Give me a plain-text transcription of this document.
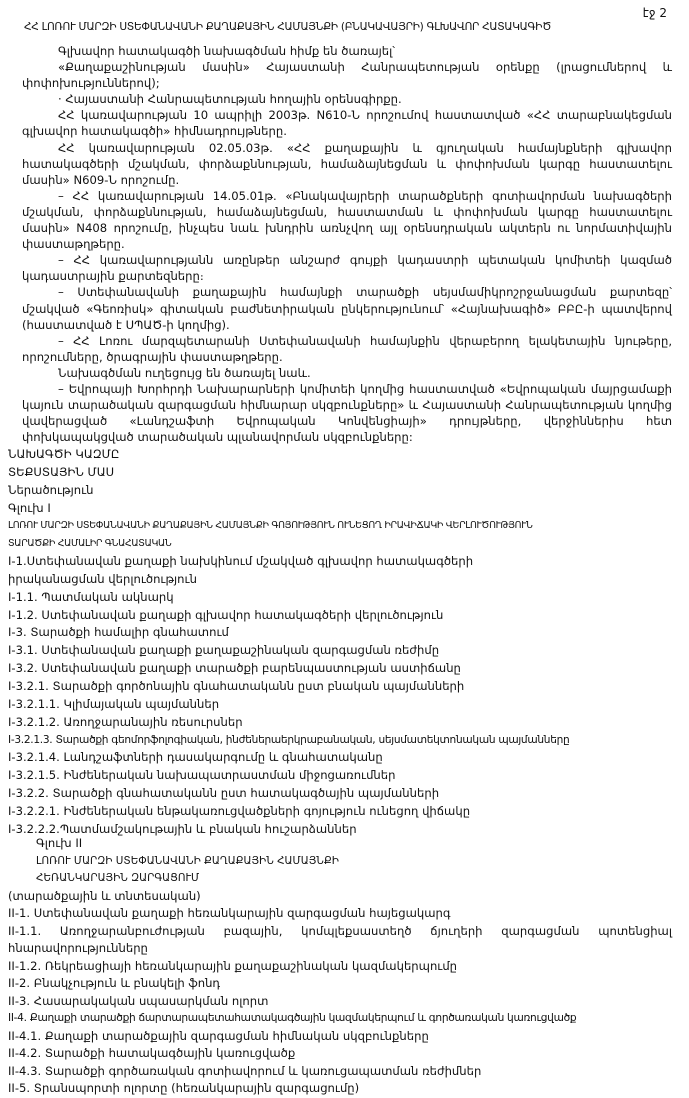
էջ 2
ՀՀ ԼՈՌՈՒ ՄԱՐԶԻ ՍՏԵՓԱՆԱՎԱՆԻ ՔԱՂԱՔԱՅԻՆ ՀԱՄԱՅՆՔԻ (ԲՆԱԿԱՎԱՅՐԻ) ԳԼԽԱՎՈՐ ՀԱՏԱԿԱԳԻԾ

Գլխավոր հատակագծի նախագծման հիմք են ծառայել՝

«Քաղաքաշինության մասին» Հայաստանի Հանրապետության օրենքը (լրացումներով և փոփոխություններով);

· Հայաստանի Հանրապետության հողային օրենսգիրքը.

ՀՀ կառավարության 10 ապրիլի 2003թ. N610-Ն որոշումով հաստատված «ՀՀ տարաբնակեցման գլխավոր հատակագծի» հիմնադրույթները.

ՀՀ կառավարության 02.05.03թ. «ՀՀ քաղաքային և գյուղական համայնքների գլխավոր հատակագծերի մշակման, փորձաքննության, համաձայնեցման և փոփոխման կարգը հաստատելու մասին» N609-Ն որոշումը.

– ՀՀ կառավարության 14.05.01թ. «Բնակավայրերի տարածքների գոտիավորման նախագծերի մշակման, փորձաքննության, համաձայնեցման, հաստատման և փոփոխման կարգը հաստատելու մասին» N408 որոշումը, ինչպես նաև խնդրին առնչվող այլ օրենսդրական ակտերն ու նորմատիվային փաստաթղթերը.

– ՀՀ կառավարությանն առընթեր անշարժ գույքի կադաստրի պետական կոմիտեի կազմած կադաստրային քարտեզները։

– Ստեփանավանի քաղաքային համայնքի տարածքի սեյսմամիկրոշրջանացման քարտեզը՝ մշակված «Գեոռիսկ» գիտական բաժնետիրական ընկերությունում՝ «Հայնախագիծ» ԲԲԸ-ի պատվերով (հաստատված է ՍՊԱԾ-ի կողմից).

– ՀՀ Լոռու մարզպետարանի Ստեփանավանի համայնքին վերաբերող ելակետային նյութերը, որոշումները, ծրագրային փաստաթղթերը.

Նախագծման ուղեցույց են ծառայել նաև.

– Եվրոպայի Խորհրդի Նախարարների կոմիտեի կողմից հաստատված «Եվրոպական մայրցամաքի կայուն տարածական զարգացման հիմնարար սկզբունքները» և Հայաստանի Հանրապետության կողմից վավերացված «Լանդշաֆտի Եվրոպական Կոնվենցիայի» դրույթները, վերջիններիս հետ փոխկապակցված տարածական պլանավորման սկզբունքները:

ՆԱԽԱԳԾԻ ԿԱԶՄԸ
ՏԵՔՍՏԱՅԻՆ ՄԱՍ
Ներածություն
Գլուխ I
ԼՈՌՈՒ ՄԱՐԶԻ ՍՏԵՓԱՆԱՎԱՆԻ ՔԱՂԱՔԱՅԻՆ ՀԱՄԱՅՆՔԻ ԳՈՅՈՒԹՅՈՒՆ ՈՒՆԵՑՈՂ ԻՐԱՎԻՃԱԿԻ ՎԵՐԼՈՒԾՈՒԹՅՈՒՆ
ՏԱՐԱԾՔԻ ՀԱՄԱԼԻՐ ԳՆԱՀԱՏԱԿԱՆ
I-1.Ստեփանավան քաղաքի նախկինում մշակված գլխավոր հատակագծերի իրականացման վերլուծություն
I-1.1. Պատմական ակնարկ
I-1.2. Ստեփանավան քաղաքի գլխավոր հատակագծերի վերլուծություն
I-3. Տարածքի համալիր գնահատում
I-3.1. Ստեփանավան քաղաքի քաղաքաշինական զարգացման ռեժիմը
I-3.2. Ստեփանավան քաղաքի տարածքի բարենպաստության աստիճանը
I-3.2.1. Տարածքի գործոնային գնահատականն ըստ բնական պայմանների
I-3.2.1.1. Կլիմայական պայմաններ
I-3.2.1.2. Առողջարանային ռեսուրսներ
I-3.2.1.3. Տարածքի գեոմորֆոլոգիական, ինժեներաերկրաբանական, սեյսմատեկտոնական պայմանները
I-3.2.1.4. Լանդշաֆտների դասակարգումը և գնահատականը
I-3.2.1.5. Ինժեներական նախապատրաստման միջոցառումներ
I-3.2.2. Տարածքի գնահատականն ըստ հատակագծային պայմանների
I-3.2.2.1. Ինժեներական ենթակառուցվածքների գոյություն ունեցող վիճակը
I-3.2.2.2.Պատմամշակութային և բնական հուշարձաններ
Գլուխ II
ԼՈՌՈՒ ՄԱՐԶԻ ՍՏԵՓԱՆԱՎԱՆԻ ՔԱՂԱՔԱՅԻՆ ՀԱՄԱՅՆՔԻ
ՀԵՌԱՆԿԱՐԱՅԻՆ ԶԱՐԳԱՑՈՒՄ
(տարածքային և տնտեսական)
II-1. Ստեփանավան քաղաքի հեռանկարային զարգացման հայեցակարգ
II-1.1. Առողջարանբուժության բազային, կոմպլեքսաստեղծ ճյուղերի զարգացման պոտենցիալ հնարավորությունները
II-1.2. Ռեկրեացիայի հեռանկարային քաղաքաշինական կազմակերպումը
II-2. Բնակչություն և բնակելի ֆոնդ
II-3. Հասարակական սպասարկման ոլորտ
II-4. Քաղաքի տարածքի ճարտարապետահատակագծային կազմակերպում և գործառական կառուցվածք
II-4.1. Քաղաքի տարածքային զարգացման հիմնական սկզբունքները
II-4.2. Տարածքի հատակագծային կառուցվածք
II-4.3. Տարածքի գործառական գոտիավորում և կառուցապատման ռեժիմներ
II-5. Տրանսպորտի ոլորտը (հեռանկարային զարգացումը)
